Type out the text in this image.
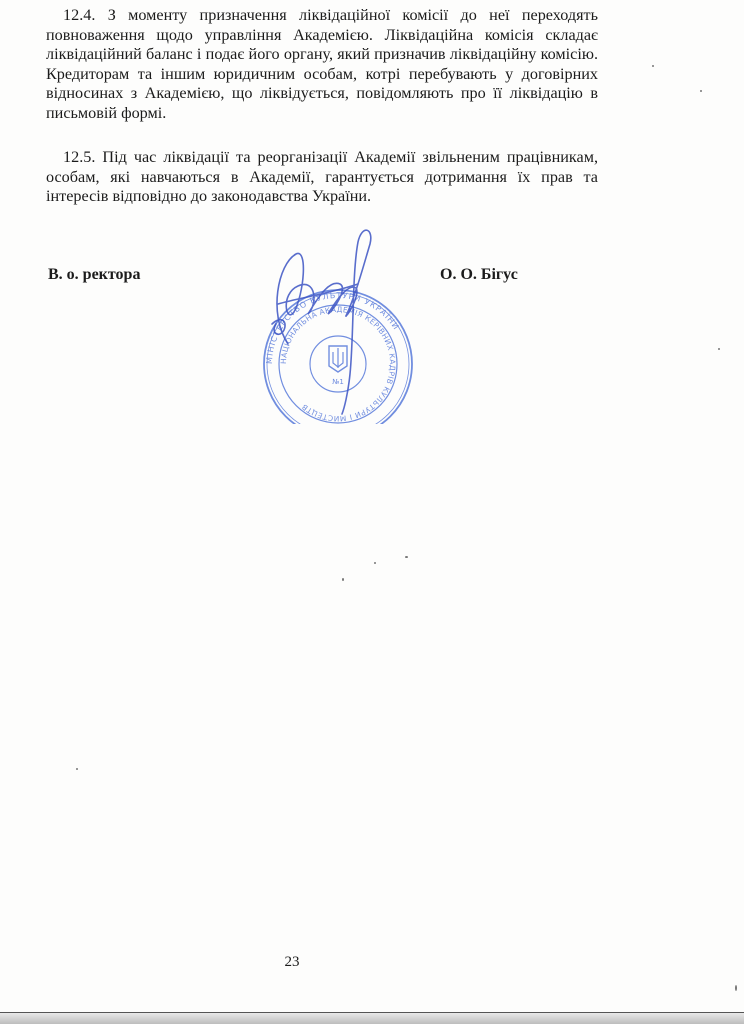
12.4. З моменту призначення ліквідаційної комісії до неї переходять повноваження щодо управління Академією. Ліквідаційна комісія складає ліквідаційний баланс і подає його органу, який призначив ліквідаційну комісію. Кредиторам та іншим юридичним особам, котрі перебувають у договірних відносинах з Академією, що ліквідується, повідомляють про її ліквідацію в письмовій формі.

12.5. Під час ліквідації та реорганізації Академії звільненим працівникам, особам, які навчаються в Академії, гарантується дотримання їх прав та інтересів відповідно до законодавства України.

В. о. ректора	О. О. Бігус
МІНІСТЕРСТВО КУЛЬТУРИ УКРАЇНИ
НАЦІОНАЛЬНА АКАДЕМІЯ КЕРІВНИХ КАДРІВ КУЛЬТУРИ І МИСТЕЦТВ
№1
23
